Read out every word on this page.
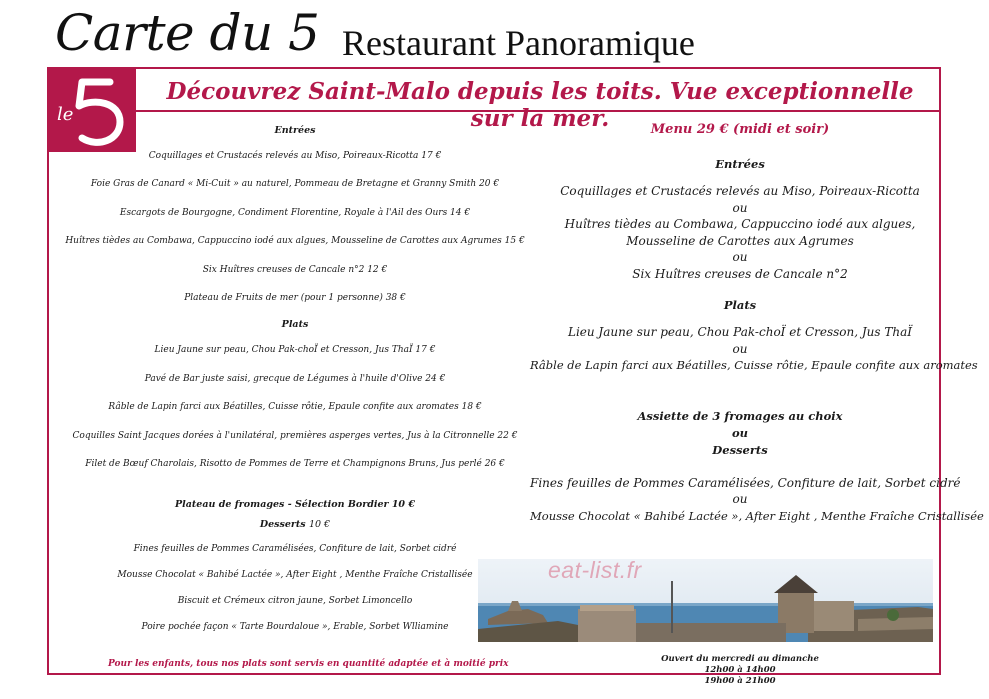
Carte du 5 Restaurant Panoramique
le
Découvrez Saint-Malo depuis les toits. Vue exceptionnelle sur la mer.
Entrées
Coquillages et Crustacés relevés au Miso, Poireaux-Ricotta 17 €
Foie Gras de Canard « Mi-Cuit » au naturel, Pommeau de Bretagne et Granny Smith 20 €
Escargots de Bourgogne, Condiment Florentine, Royale à l'Ail des Ours 14 €
Huîtres tièdes au Combawa, Cappuccino iodé aux algues, Mousseline de Carottes aux Agrumes 15 €
Six Huîtres creuses de Cancale n°2 12 €
Plateau de Fruits de mer (pour 1 personne) 38 €
Plats
Lieu Jaune sur peau, Chou Pak-choÏ et Cresson, Jus ThaÏ 17 €
Pavé de Bar juste saisi, grecque de Légumes à l'huile d'Olive 24 €
Râble de Lapin farci aux Béatilles, Cuisse rôtie, Epaule confite aux aromates 18 €
Coquilles Saint Jacques dorées à l'unilatéral, premières asperges vertes, Jus à la Citronnelle 22 €
Filet de Bœuf Charolais, Risotto de Pommes de Terre et Champignons Bruns, Jus perlé 26 €
Plateau de fromages - Sélection Bordier 10 €
Desserts 10 €
Fines feuilles de Pommes Caramélisées, Confiture de lait, Sorbet cidré
Mousse Chocolat « Bahibé Lactée », After Eight , Menthe Fraîche Cristallisée
Biscuit et Crémeux citron jaune, Sorbet Limoncello
Poire pochée façon « Tarte Bourdaloue », Erable, Sorbet Wlliamine
Menu 29 € (midi et soir)
Entrées
Coquillages et Crustacés relevés au Miso, Poireaux-Ricotta
ou
Huîtres tièdes au Combawa, Cappuccino iodé aux algues,
Mousseline de Carottes aux Agrumes
ou
Six Huîtres creuses de Cancale n°2
Plats
Lieu Jaune sur peau, Chou Pak-choÏ et Cresson, Jus ThaÏ
ou
Râble de Lapin farci aux Béatilles, Cuisse rôtie, Epaule confite aux aromates
Assiette de 3 fromages au choix
ou
Desserts
Fines feuilles de Pommes Caramélisées, Confiture de lait, Sorbet cidré
ou
Mousse Chocolat « Bahibé Lactée », After Eight , Menthe Fraîche Cristallisée
eat-list.fr
Pour les enfants, tous nos plats sont servis en quantité adaptée et à moitié prix	Ouvert du mercredi au dimanche
12h00 à 14h00
19h00 à 21h00
